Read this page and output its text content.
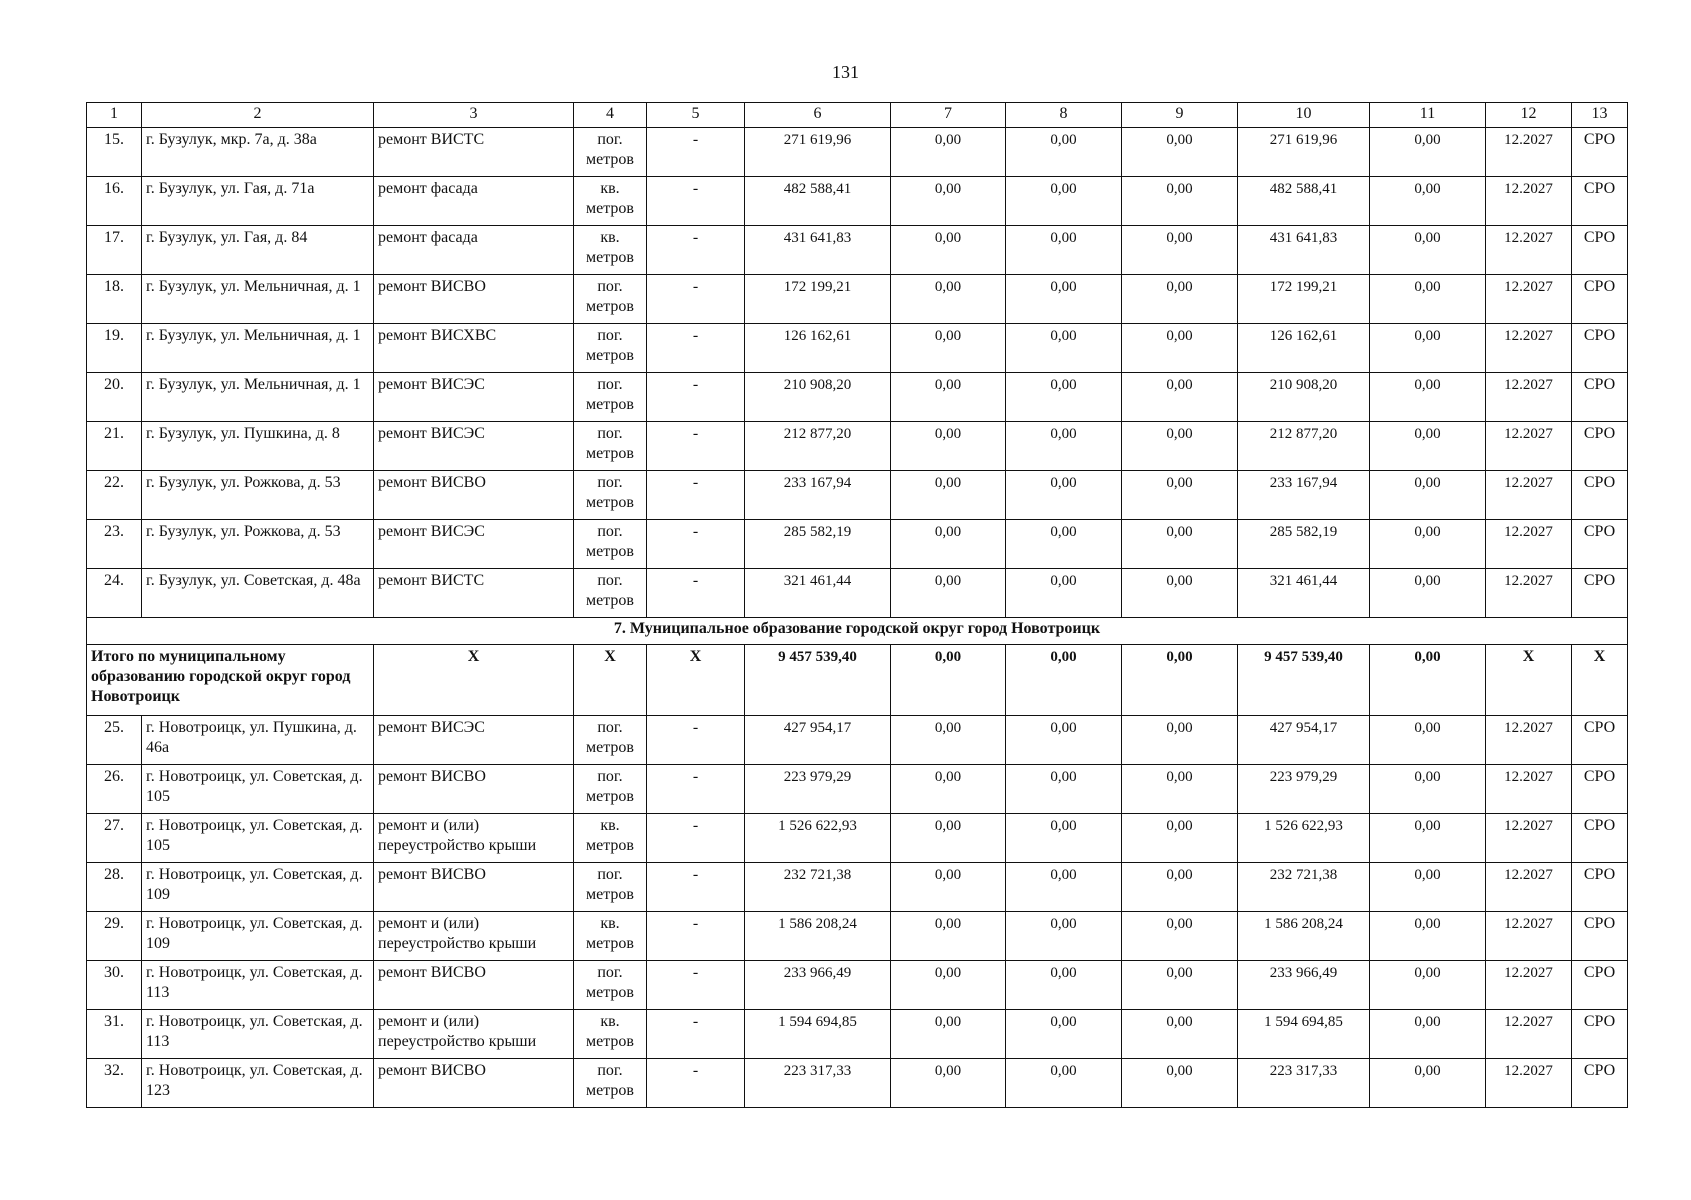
131
1	2	3	4	5	6	7	8	9	10	11	12	13
15.	г. Бузулук, мкр. 7а, д. 38а	ремонт ВИСТС	пог. метров	-	271 619,96	0,00	0,00	0,00	271 619,96	0,00	12.2027	СРО
16.	г. Бузулук, ул. Гая, д. 71а	ремонт фасада	кв. метров	-	482 588,41	0,00	0,00	0,00	482 588,41	0,00	12.2027	СРО
17.	г. Бузулук, ул. Гая, д. 84	ремонт фасада	кв. метров	-	431 641,83	0,00	0,00	0,00	431 641,83	0,00	12.2027	СРО
18.	г. Бузулук, ул. Мельничная, д. 1	ремонт ВИСВО	пог. метров	-	172 199,21	0,00	0,00	0,00	172 199,21	0,00	12.2027	СРО
19.	г. Бузулук, ул. Мельничная, д. 1	ремонт ВИСХВС	пог. метров	-	126 162,61	0,00	0,00	0,00	126 162,61	0,00	12.2027	СРО
20.	г. Бузулук, ул. Мельничная, д. 1	ремонт ВИСЭС	пог. метров	-	210 908,20	0,00	0,00	0,00	210 908,20	0,00	12.2027	СРО
21.	г. Бузулук, ул. Пушкина, д. 8	ремонт ВИСЭС	пог. метров	-	212 877,20	0,00	0,00	0,00	212 877,20	0,00	12.2027	СРО
22.	г. Бузулук, ул. Рожкова, д. 53	ремонт ВИСВО	пог. метров	-	233 167,94	0,00	0,00	0,00	233 167,94	0,00	12.2027	СРО
23.	г. Бузулук, ул. Рожкова, д. 53	ремонт ВИСЭС	пог. метров	-	285 582,19	0,00	0,00	0,00	285 582,19	0,00	12.2027	СРО
24.	г. Бузулук, ул. Советская, д. 48а	ремонт ВИСТС	пог. метров	-	321 461,44	0,00	0,00	0,00	321 461,44	0,00	12.2027	СРО
7. Муниципальное образование городской округ город Новотроицк												
Итого по муниципальному образованию городской округ город Новотроицк		Х	Х	Х	9 457 539,40	0,00	0,00	0,00	9 457 539,40	0,00	Х	Х
25.	г. Новотроицк, ул. Пушкина, д. 46а	ремонт ВИСЭС	пог. метров	-	427 954,17	0,00	0,00	0,00	427 954,17	0,00	12.2027	СРО
26.	г. Новотроицк, ул. Советская, д. 105	ремонт ВИСВО	пог. метров	-	223 979,29	0,00	0,00	0,00	223 979,29	0,00	12.2027	СРО
27.	г. Новотроицк, ул. Советская, д. 105	ремонт и (или) переустройство крыши	кв. метров	-	1 526 622,93	0,00	0,00	0,00	1 526 622,93	0,00	12.2027	СРО
28.	г. Новотроицк, ул. Советская, д. 109	ремонт ВИСВО	пог. метров	-	232 721,38	0,00	0,00	0,00	232 721,38	0,00	12.2027	СРО
29.	г. Новотроицк, ул. Советская, д. 109	ремонт и (или) переустройство крыши	кв. метров	-	1 586 208,24	0,00	0,00	0,00	1 586 208,24	0,00	12.2027	СРО
30.	г. Новотроицк, ул. Советская, д. 113	ремонт ВИСВО	пог. метров	-	233 966,49	0,00	0,00	0,00	233 966,49	0,00	12.2027	СРО
31.	г. Новотроицк, ул. Советская, д. 113	ремонт и (или) переустройство крыши	кв. метров	-	1 594 694,85	0,00	0,00	0,00	1 594 694,85	0,00	12.2027	СРО
32.	г. Новотроицк, ул. Советская, д. 123	ремонт ВИСВО	пог. метров	-	223 317,33	0,00	0,00	0,00	223 317,33	0,00	12.2027	СРО
